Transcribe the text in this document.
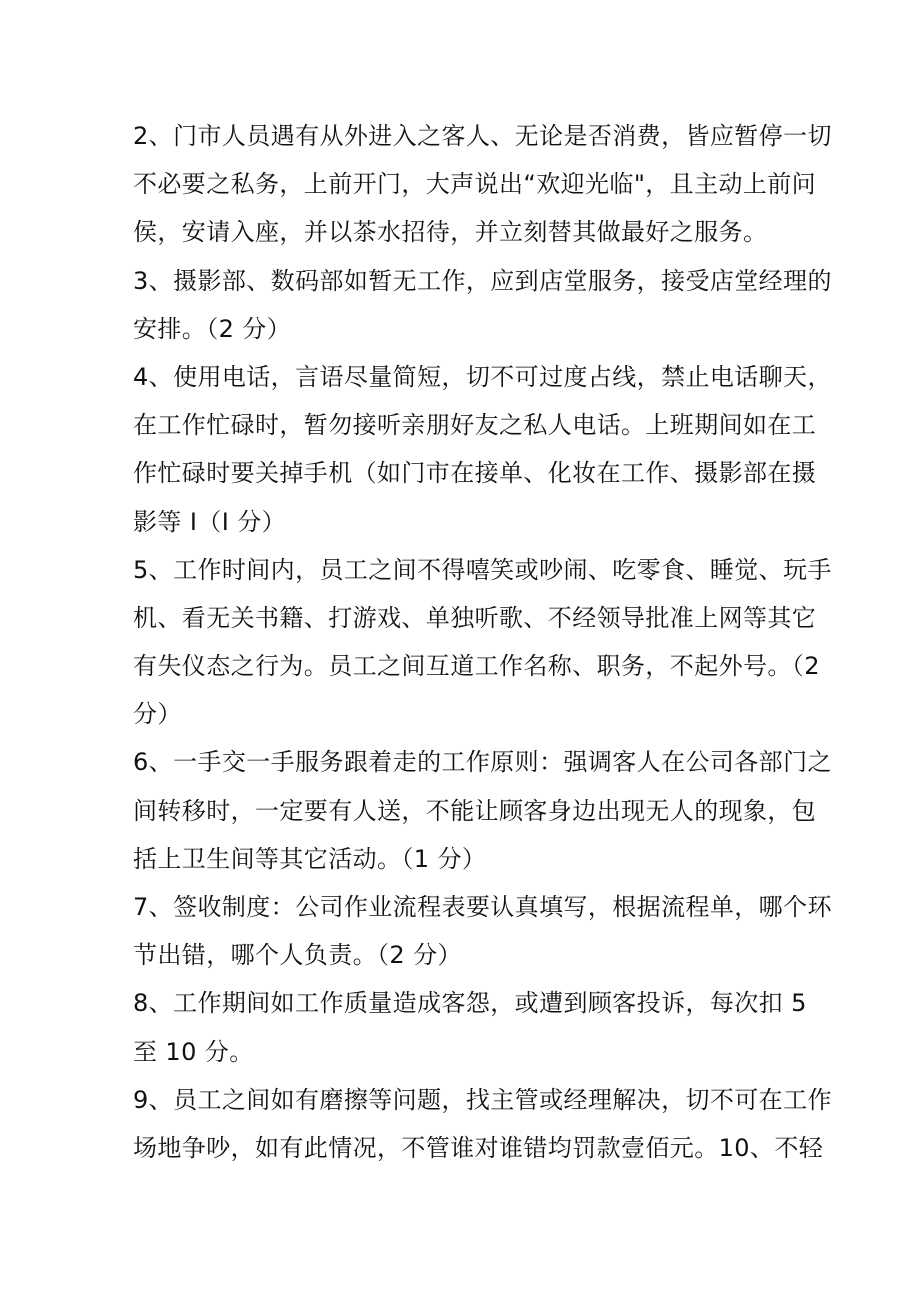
2、门市人员遇有从外进入之客人、无论是否消费，皆应暂停一切
不必要之私务，上前开门，大声说出“欢迎光临"，且主动上前问
侯，安请入座，并以茶水招待，并立刻替其做最好之服务。
3、摄影部、数码部如暂无工作，应到店堂服务，接受店堂经理的
安排。（2 分）
4、使用电话，言语尽量简短，切不可过度占线，禁止电话聊天，
在工作忙碌时，暂勿接听亲朋好友之私人电话。上班期间如在工
作忙碌时要关掉手机（如门市在接单、化妆在工作、摄影部在摄
影等 I（I 分）
5、工作时间内，员工之间不得嘻笑或吵闹、吃零食、睡觉、玩手
机、看无关书籍、打游戏、单独听歌、不经领导批准上网等其它
有失仪态之行为。员工之间互道工作名称、职务，不起外号。（2
分）
6、一手交一手服务跟着走的工作原则：强调客人在公司各部门之
间转移时，一定要有人送，不能让顾客身边出现无人的现象，包
括上卫生间等其它活动。（1 分）
7、签收制度：公司作业流程表要认真填写，根据流程单，哪个环
节出错，哪个人负责。（2 分）
8、工作期间如工作质量造成客怨，或遭到顾客投诉，每次扣 5
至 10 分。
9、员工之间如有磨擦等问题，找主管或经理解决，切不可在工作
场地争吵，如有此情况，不管谁对谁错均罚款壹佰元。10、不轻
